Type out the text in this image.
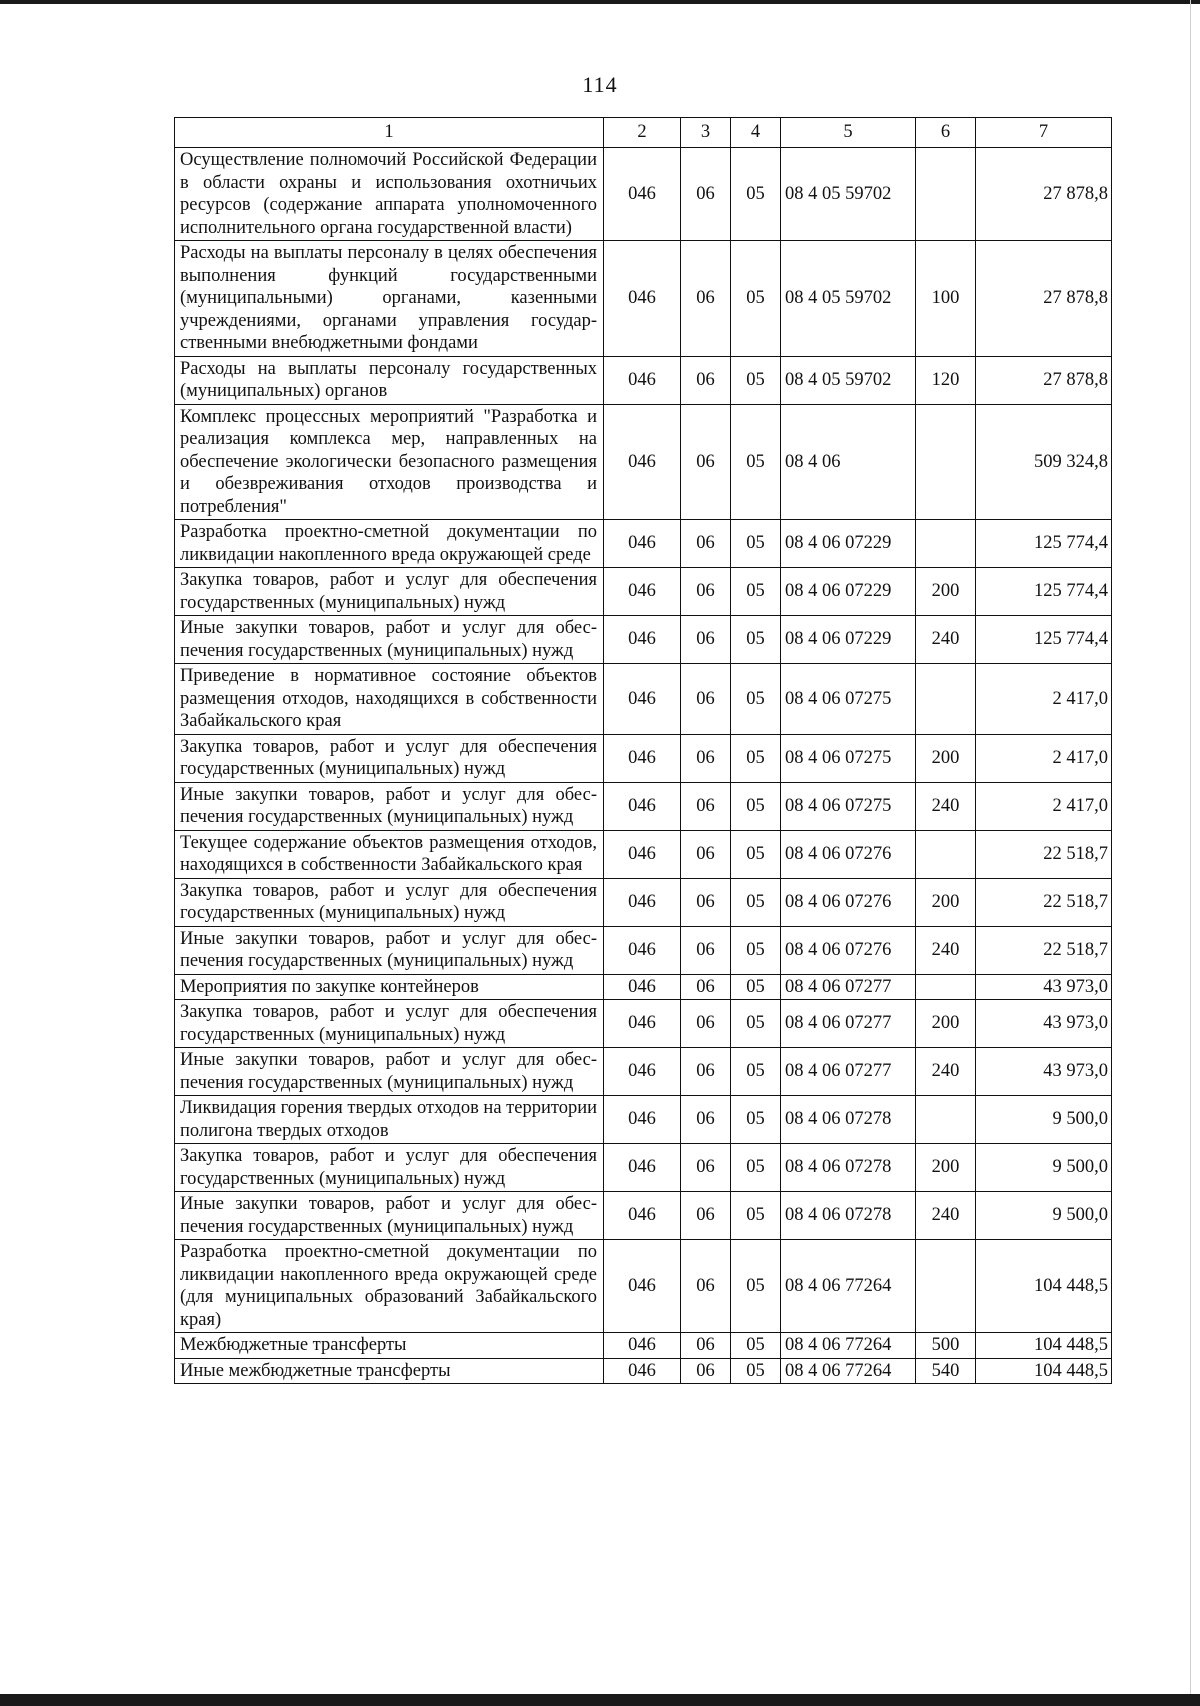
114
1	2	3	4	5	6	7
Осуществление полномочий Российской Федерации в области охраны и использования охотничьих ресурсов (содержание аппарата уполномоченного исполнительного органа государственной власти)	046	06	05	08 4 05 59702		27 878,8
Расходы на выплаты персоналу в целях обеспечения выполнения функций государственными (муниципальными) органами, казенными учреждениями, органами управления государственными внебюджетными фондами	046	06	05	08 4 05 59702	100	27 878,8
Расходы на выплаты персоналу государственных (муниципальных) органов	046	06	05	08 4 05 59702	120	27 878,8
Комплекс процессных мероприятий "Разработка и реализация комплекса мер, направленных на обеспечение экологически безопасного размещения и обезвреживания отходов производства и потребления"	046	06	05	08 4 06		509 324,8
Разработка проектно-сметной документации по ликвидации накопленного вреда окружающей среде	046	06	05	08 4 06 07229		125 774,4
Закупка товаров, работ и услуг для обеспечения государственных (муниципальных) нужд	046	06	05	08 4 06 07229	200	125 774,4
Иные закупки товаров, работ и услуг для обеспечения государственных (муниципальных) нужд	046	06	05	08 4 06 07229	240	125 774,4
Приведение в нормативное состояние объектов размещения отходов, находящихся в собственности Забайкальского края	046	06	05	08 4 06 07275		2 417,0
Закупка товаров, работ и услуг для обеспечения государственных (муниципальных) нужд	046	06	05	08 4 06 07275	200	2 417,0
Иные закупки товаров, работ и услуг для обеспечения государственных (муниципальных) нужд	046	06	05	08 4 06 07275	240	2 417,0
Текущее содержание объектов размещения отходов, находящихся в собственности Забайкальского края	046	06	05	08 4 06 07276		22 518,7
Закупка товаров, работ и услуг для обеспечения государственных (муниципальных) нужд	046	06	05	08 4 06 07276	200	22 518,7
Иные закупки товаров, работ и услуг для обеспечения государственных (муниципальных) нужд	046	06	05	08 4 06 07276	240	22 518,7
Мероприятия по закупке контейнеров	046	06	05	08 4 06 07277		43 973,0
Закупка товаров, работ и услуг для обеспечения государственных (муниципальных) нужд	046	06	05	08 4 06 07277	200	43 973,0
Иные закупки товаров, работ и услуг для обеспечения государственных (муниципальных) нужд	046	06	05	08 4 06 07277	240	43 973,0
Ликвидация горения твердых отходов на территории полигона твердых отходов	046	06	05	08 4 06 07278		9 500,0
Закупка товаров, работ и услуг для обеспечения государственных (муниципальных) нужд	046	06	05	08 4 06 07278	200	9 500,0
Иные закупки товаров, работ и услуг для обеспечения государственных (муниципальных) нужд	046	06	05	08 4 06 07278	240	9 500,0
Разработка проектно-сметной документации по ликвидации накопленного вреда окружающей среде (для муниципальных образований Забайкальского края)	046	06	05	08 4 06 77264		104 448,5
Межбюджетные трансферты	046	06	05	08 4 06 77264	500	104 448,5
Иные межбюджетные трансферты	046	06	05	08 4 06 77264	540	104 448,5
